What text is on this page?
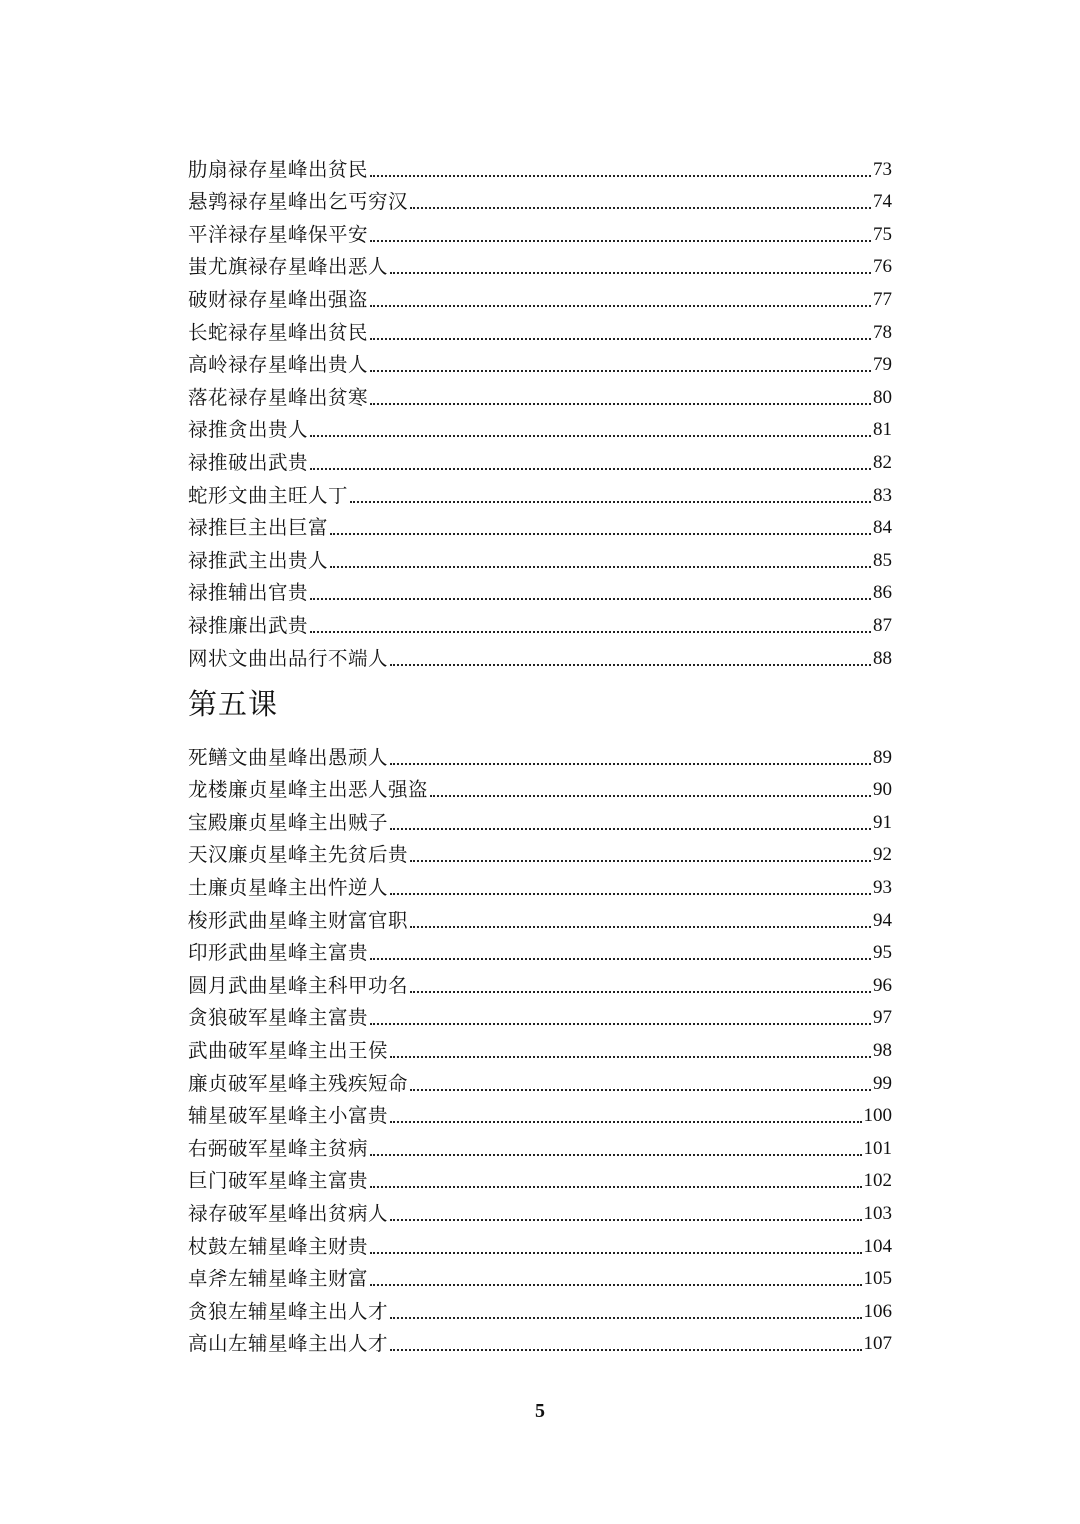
肋扇禄存星峰出贫民	73
悬鹑禄存星峰出乞丐穷汉	74
平洋禄存星峰保平安	75
蚩尤旗禄存星峰出恶人	76
破财禄存星峰出强盗	77
长蛇禄存星峰出贫民	78
高岭禄存星峰出贵人	79
落花禄存星峰出贫寒	80
禄推贪出贵人	81
禄推破出武贵	82
蛇形文曲主旺人丁	83
禄推巨主出巨富	84
禄推武主出贵人	85
禄推辅出官贵	86
禄推廉出武贵	87
网状文曲出品行不端人	88
第五课
死鳝文曲星峰出愚顽人	89
龙楼廉贞星峰主出恶人强盗	90
宝殿廉贞星峰主出贼子	91
天汉廉贞星峰主先贫后贵	92
土廉贞星峰主出忤逆人	93
梭形武曲星峰主财富官职	94
印形武曲星峰主富贵	95
圆月武曲星峰主科甲功名	96
贪狼破军星峰主富贵	97
武曲破军星峰主出王侯	98
廉贞破军星峰主残疾短命	99
辅星破军星峰主小富贵	100
右弼破军星峰主贫病	101
巨门破军星峰主富贵	102
禄存破军星峰出贫病人	103
杖鼓左辅星峰主财贵	104
卓斧左辅星峰主财富	105
贪狼左辅星峰主出人才	106
高山左辅星峰主出人才	107
5
